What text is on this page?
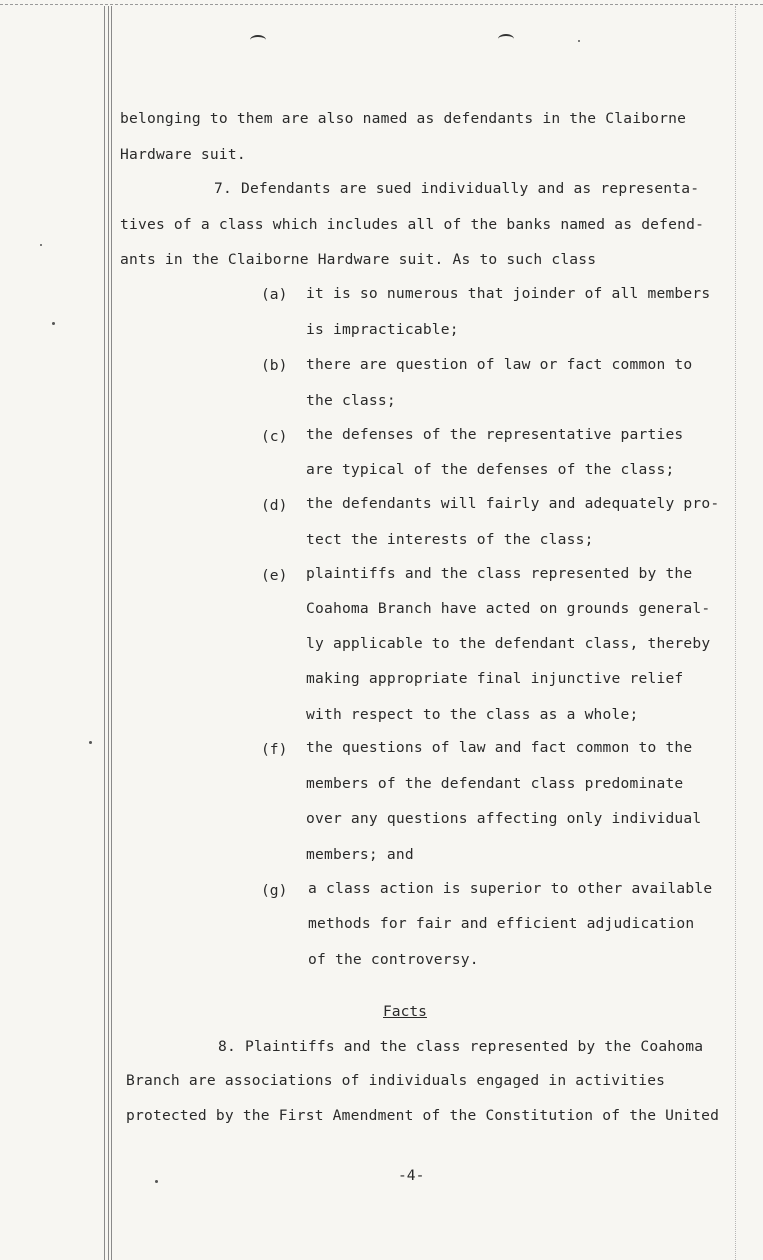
belonging to them are also named as defendants in the Claiborne
Hardware suit.
7. Defendants are sued individually and as representa-
tives of a class which includes all of the banks named as defend-
ants in the Claiborne Hardware suit. As to such class
(a) it is so numerous that joinder of all members
is impracticable;
(b) there are question of law or fact common to
the class;
(c) the defenses of the representative parties
are typical of the defenses of the class;
(d) the defendants will fairly and adequately pro-
tect the interests of the class;
(e) plaintiffs and the class represented by the
Coahoma Branch have acted on grounds general-
ly applicable to the defendant class, thereby
making appropriate final injunctive relief
with respect to the class as a whole;
(f) the questions of law and fact common to the
members of the defendant class predominate
over any questions affecting only individual
members; and
(g) a class action is superior to other available
methods for fair and efficient adjudication
of the controversy.
Facts
8. Plaintiffs and the class represented by the Coahoma
Branch are associations of individuals engaged in activities
protected by the First Amendment of the Constitution of the United
-4-
